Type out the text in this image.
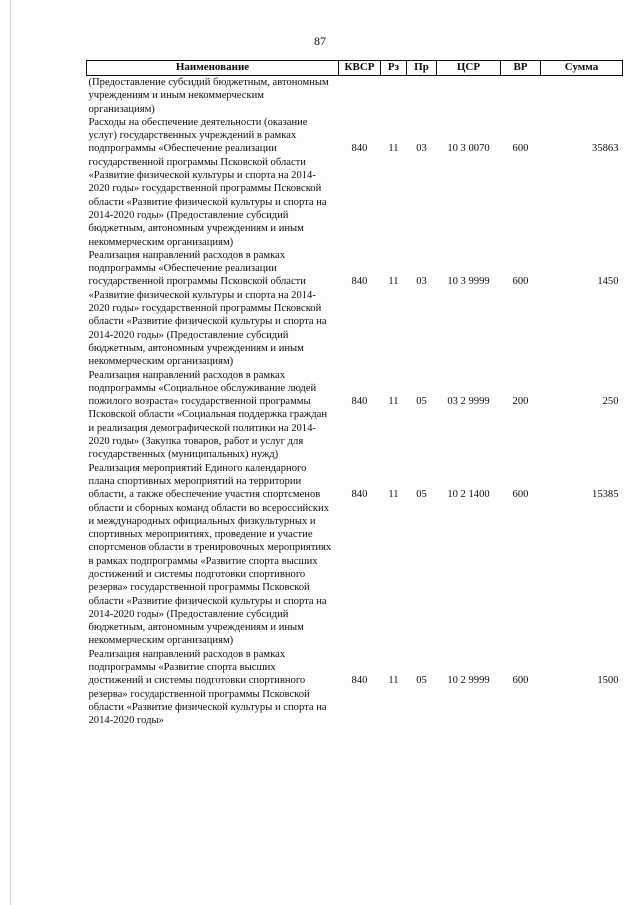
87
Наименование	КВСР	Рз	Пр	ЦСР	ВР	Сумма
(Предоставление субсидий бюджетным, автономным учреждениям и иным некоммерческим организациям)						
Расходы на обеспечение деятельности (оказание услуг) государственных учреждений в рамках подпрограммы «Обеспечение реализации государственной программы Псковской области «Развитие физической культуры и спорта на 2014-2020 годы» государственной программы Псковской области «Развитие физической культуры и спорта на 2014-2020 годы» (Предоставление субсидий бюджетным, автономным учреждениям и иным некоммерческим организациям)	840	11	03	10 3 0070	600	35863
Реализация направлений расходов в рамках подпрограммы «Обеспечение реализации государственной программы Псковской области «Развитие физической культуры и спорта на 2014-2020 годы» государственной программы Псковской области «Развитие физической культуры и спорта на 2014-2020 годы» (Предоставление субсидий бюджетным, автономным учреждениям и иным некоммерческим организациям)	840	11	03	10 3 9999	600	1450
Реализация направлений расходов в рамках подпрограммы «Социальное обслуживание людей пожилого возраста» государственной программы Псковской области «Социальная поддержка граждан и реализация демографической политики на 2014-2020 годы» (Закупка товаров, работ и услуг для государственных (муниципальных) нужд)	840	11	05	03 2 9999	200	250
Реализация мероприятий Единого календарного плана спортивных мероприятий на территории области, а также обеспечение участия спортсменов области и сборных команд области во всероссийских и международных официальных физкультурных и спортивных мероприятиях, проведение и участие спортсменов области в тренировочных мероприятиях в рамках подпрограммы «Развитие спорта высших достижений и системы подготовки спортивного резерва» государственной программы Псковской области «Развитие физической культуры и спорта на 2014-2020 годы» (Предоставление субсидий бюджетным, автономным учреждениям и иным некоммерческим организациям)	840	11	05	10 2 1400	600	15385
Реализация направлений расходов в рамках подпрограммы «Развитие спорта высших достижений и системы подготовки спортивного резерва» государственной программы Псковской области «Развитие физической культуры и спорта на 2014-2020 годы»	840	11	05	10 2 9999	600	1500
